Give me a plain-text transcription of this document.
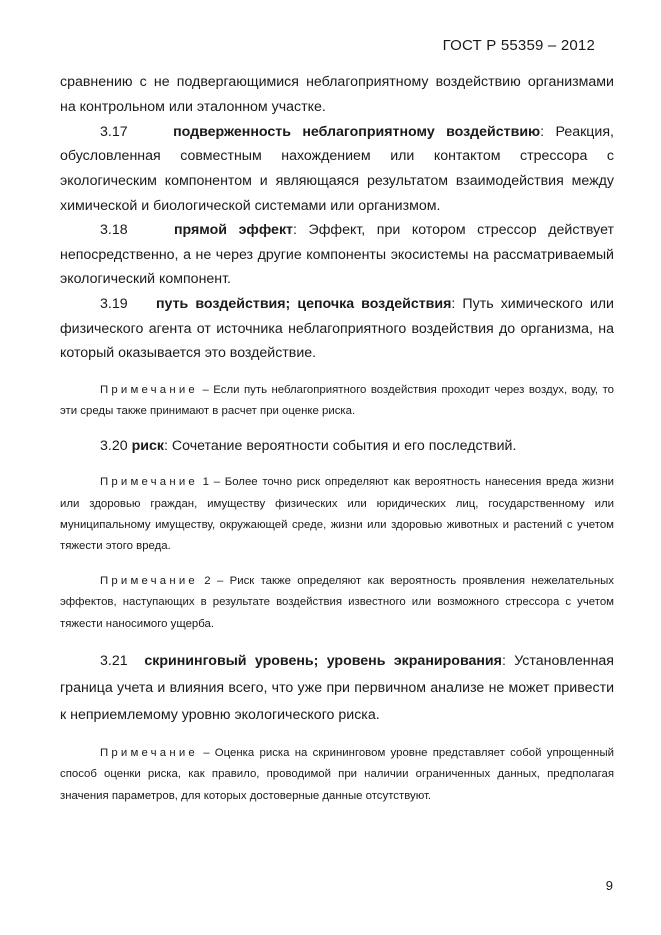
ГОСТ Р 55359 – 2012

сравнению с не подвергающимися неблагоприятному воздействию организмами на контрольном или эталонном участке.

3.17	подверженность неблагоприятному воздействию: Реакция, обусловленная совместным нахождением или контактом стрессора с экологическим компонентом и являющаяся результатом взаимодействия между химической и биологической системами или организмом.

3.18	прямой эффект: Эффект, при котором стрессор действует непосредственно, а не через другие компоненты экосистемы на рассматриваемый экологический компонент.

3.19 путь воздействия; цепочка воздействия: Путь химического или физического агента от источника неблагоприятного воздействия до организма, на который оказывается это воздействие.

Примечание – Если путь неблагоприятного воздействия проходит через воздух, воду, то эти среды также принимают в расчет при оценке риска.

3.20 риск: Сочетание вероятности события и его последствий.

Примечание 1 – Более точно риск определяют как вероятность нанесения вреда жизни или здоровью граждан, имуществу физических или юридических лиц, государственному или муниципальному имуществу, окружающей среде, жизни или здоровью животных и растений с учетом тяжести этого вреда.

Примечание 2 – Риск также определяют как вероятность проявления нежелательных эффектов, наступающих в результате воздействия известного или возможного стрессора с учетом тяжести наносимого ущерба.

3.21 скрининговый уровень; уровень экранирования: Установленная граница учета и влияния всего, что уже при первичном анализе не может привести к неприемлемому уровню экологического риска.

Примечание – Оценка риска на скрининговом уровне представляет собой упрощенный способ оценки риска, как правило, проводимой при наличии ограниченных данных, предполагая значения параметров, для которых достоверные данные отсутствуют.

9
